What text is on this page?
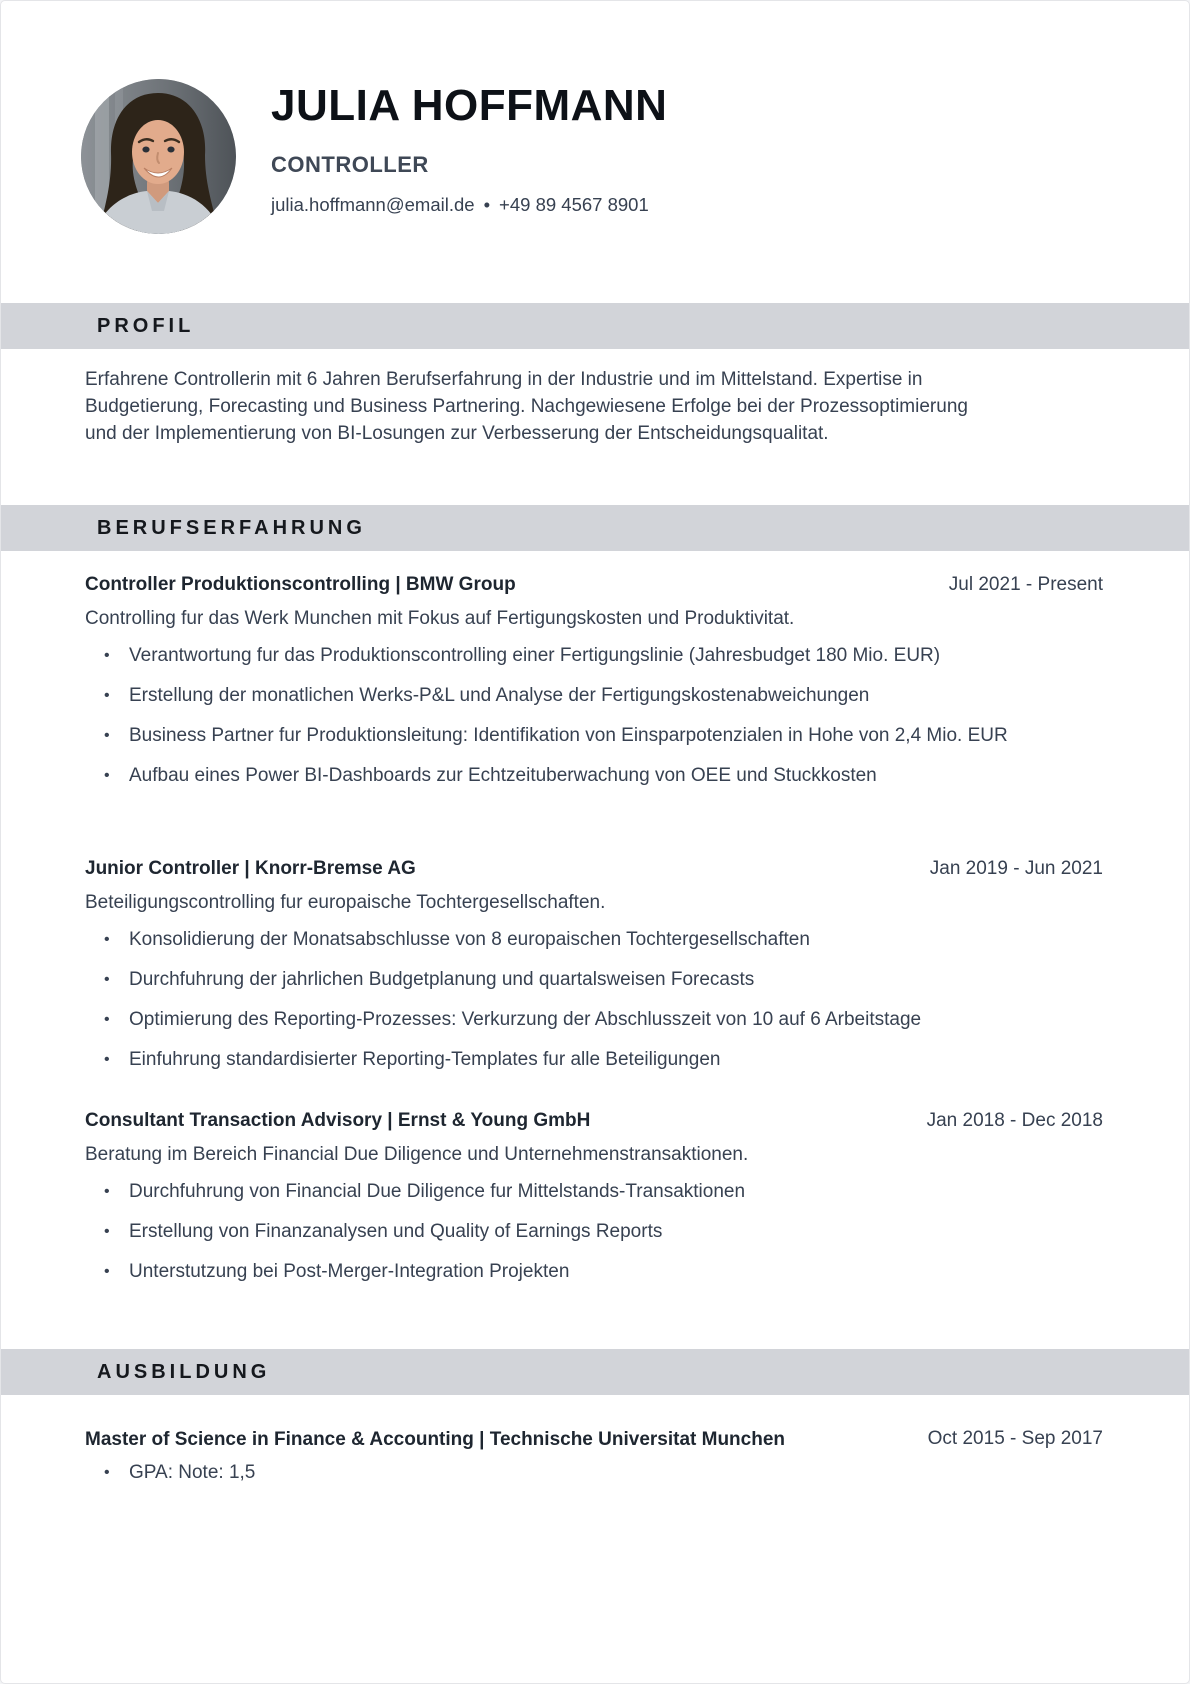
JULIA HOFFMANN
CONTROLLER
julia.hoffmann@email.de • +49 89 4567 8901
PROFIL

Erfahrene Controllerin mit 6 Jahren Berufserfahrung in der Industrie und im Mittelstand. Expertise in
Budgetierung, Forecasting und Business Partnering. Nachgewiesene Erfolge bei der Prozessoptimierung
und der Implementierung von BI-Losungen zur Verbesserung der Entscheidungsqualitat.

BERUFSERFAHRUNG
Controller Produktionscontrolling | BMW Group	Jul 2021 - Present

Controlling fur das Werk Munchen mit Fokus auf Fertigungskosten und Produktivitat.

• Verantwortung fur das Produktionscontrolling einer Fertigungslinie (Jahresbudget 180 Mio. EUR)
• Erstellung der monatlichen Werks-P&L und Analyse der Fertigungskostenabweichungen
• Business Partner fur Produktionsleitung: Identifikation von Einsparpotenzialen in Hohe von 2,4 Mio. EUR
• Aufbau eines Power BI-Dashboards zur Echtzeituberwachung von OEE und Stuckkosten
Junior Controller | Knorr-Bremse AG	Jan 2019 - Jun 2021

Beteiligungscontrolling fur europaische Tochtergesellschaften.

• Konsolidierung der Monatsabschlusse von 8 europaischen Tochtergesellschaften
• Durchfuhrung der jahrlichen Budgetplanung und quartalsweisen Forecasts
• Optimierung des Reporting-Prozesses: Verkurzung der Abschlusszeit von 10 auf 6 Arbeitstage
• Einfuhrung standardisierter Reporting-Templates fur alle Beteiligungen
Consultant Transaction Advisory | Ernst & Young GmbH	Jan 2018 - Dec 2018

Beratung im Bereich Financial Due Diligence und Unternehmenstransaktionen.

• Durchfuhrung von Financial Due Diligence fur Mittelstands-Transaktionen
• Erstellung von Finanzanalysen und Quality of Earnings Reports
• Unterstutzung bei Post-Merger-Integration Projekten
AUSBILDUNG
Master of Science in Finance & Accounting | Technische Universitat Munchen	Oct 2015 - Sep 2017
• GPA: Note: 1,5
